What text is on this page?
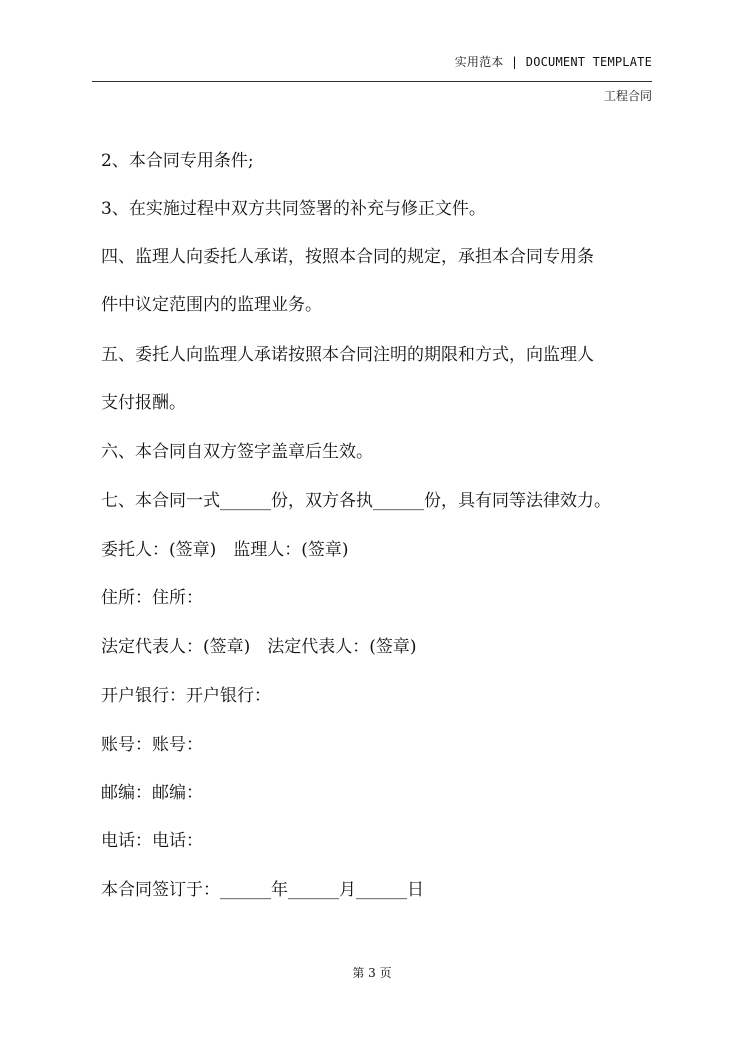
实用范本 | DOCUMENT TEMPLATE
工程合同
2、本合同专用条件;
3、在实施过程中双方共同签署的补充与修正文件。
四、监理人向委托人承诺，按照本合同的规定，承担本合同专用条
件中议定范围内的监理业务。
五、委托人向监理人承诺按照本合同注明的期限和方式，向监理人
支付报酬。
六、本合同自双方签字盖章后生效。
七、本合同一式______份，双方各执______份，具有同等法律效力。
委托人：(签章)　监理人：(签章)
住所：住所：
法定代表人：(签章)　法定代表人：(签章)
开户银行：开户银行：
账号：账号：
邮编：邮编：
电话：电话：
本合同签订于：______年______月______日
第 3 页
